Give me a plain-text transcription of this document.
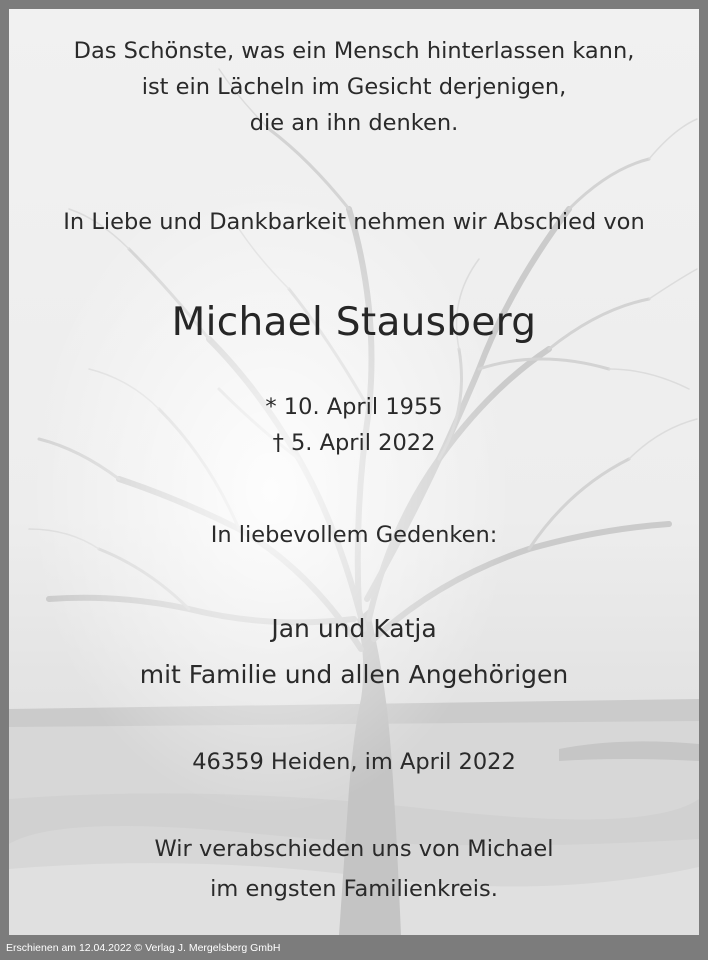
Das Schönste, was ein Mensch hinterlassen kann,
ist ein Lächeln im Gesicht derjenigen,
die an ihn denken.
In Liebe und Dankbarkeit nehmen wir Abschied von
Michael Stausberg
* 10. April 1955
† 5. April 2022
In liebevollem Gedenken:
Jan und Katja
mit Familie und allen Angehörigen
46359 Heiden, im April 2022
Wir verabschieden uns von Michael
im engsten Familienkreis.
Erschienen am 12.04.2022 © Verlag J. Mergelsberg GmbH
